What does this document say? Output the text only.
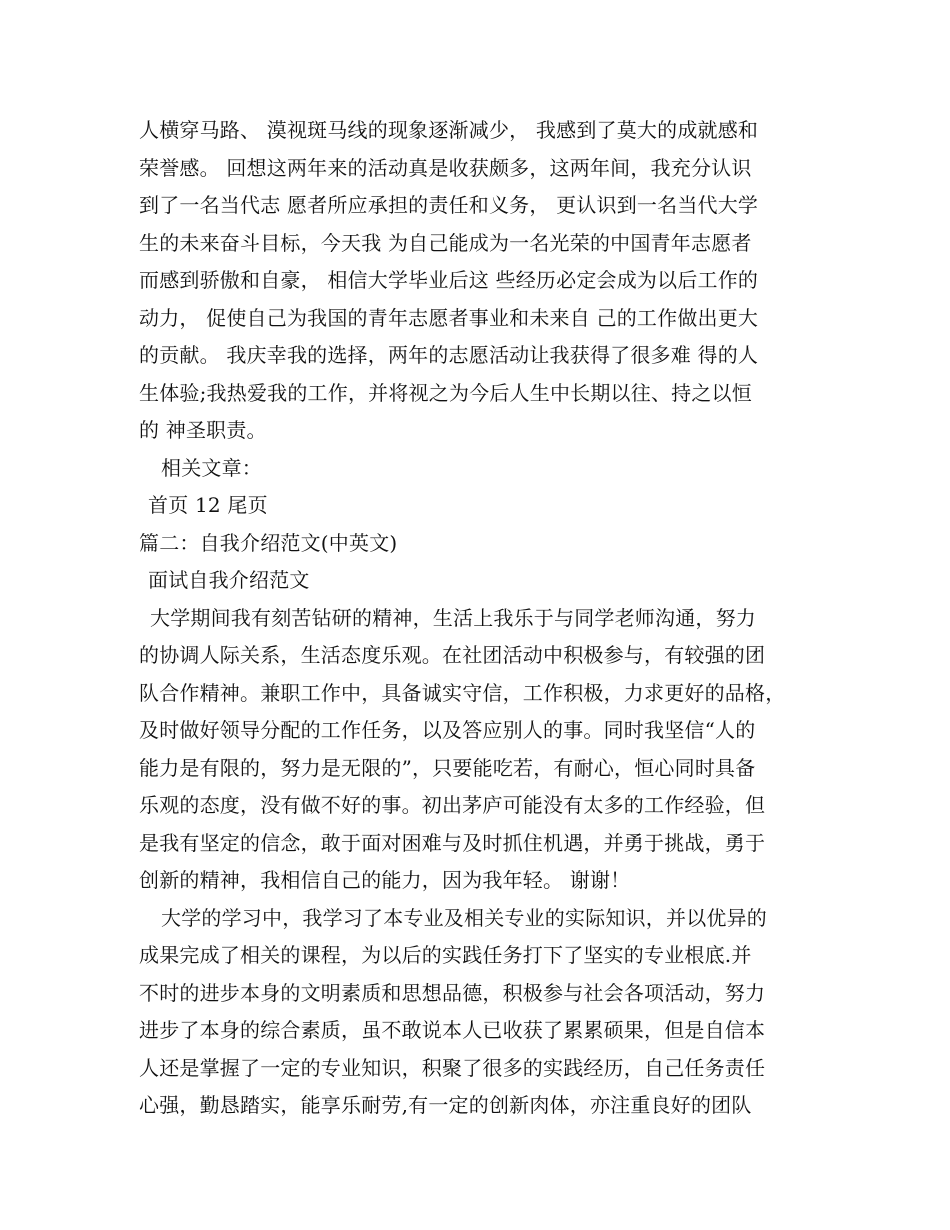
人横穿马路、 漠视斑马线的现象逐渐减少， 我感到了莫大的成就感和
荣誉感。 回想这两年来的活动真是收获颇多，这两年间，我充分认识
到了一名当代志 愿者所应承担的责任和义务， 更认识到一名当代大学
生的未来奋斗目标，今天我 为自己能成为一名光荣的中国青年志愿者
而感到骄傲和自豪， 相信大学毕业后这 些经历必定会成为以后工作的
动力， 促使自己为我国的青年志愿者事业和未来自 己的工作做出更大
的贡献。 我庆幸我的选择，两年的志愿活动让我获得了很多难 得的人
生体验;我热爱我的工作，并将视之为今后人生中长期以往、持之以恒
的 神圣职责。
相关文章：
首页 12 尾页
篇二：自我介绍范文(中英文)
面试自我介绍范文
大学期间我有刻苦钻研的精神，生活上我乐于与同学老师沟通，努力
的协调人际关系，生活态度乐观。在社团活动中积极参与，有较强的团
队合作精神。兼职工作中，具备诚实守信，工作积极，力求更好的品格，
及时做好领导分配的工作任务，以及答应别人的事。同时我坚信“人的
能力是有限的，努力是无限的”，只要能吃若，有耐心，恒心同时具备
乐观的态度，没有做不好的事。初出茅庐可能没有太多的工作经验，但
是我有坚定的信念，敢于面对困难与及时抓住机遇，并勇于挑战，勇于
创新的精神，我相信自己的能力，因为我年轻。 谢谢！
大学的学习中，我学习了本专业及相关专业的实际知识，并以优异的
成果完成了相关的课程，为以后的实践任务打下了坚实的专业根底.并
不时的进步本身的文明素质和思想品德，积极参与社会各项活动，努力
进步了本身的综合素质，虽不敢说本人已收获了累累硕果，但是自信本
人还是掌握了一定的专业知识，积聚了很多的实践经历，自己任务责任
心强，勤恳踏实，能享乐耐劳,有一定的创新肉体，亦注重良好的团队
